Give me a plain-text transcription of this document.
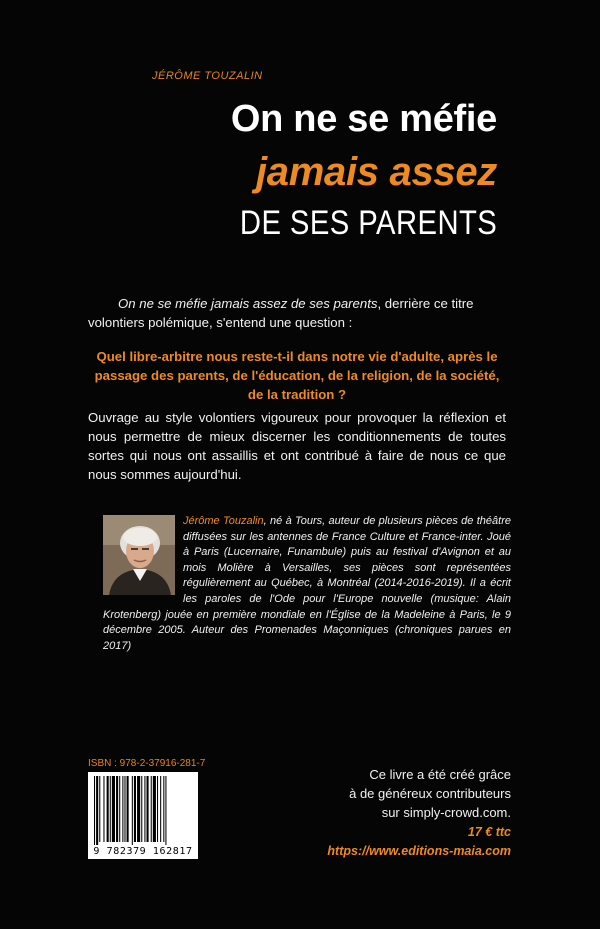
JÉRÔME TOUZALIN
On ne se méfie
jamais assez
DE SES PARENTS
On ne se méfie jamais assez de ses parents, derrière ce titre volontiers polémique, s'entend une question :
Quel libre-arbitre nous reste-t-il dans notre vie d'adulte, après le passage des parents, de l'éducation, de la religion, de la société, de la tradition ?
Ouvrage au style volontiers vigoureux pour provoquer la réflexion et nous permettre de mieux discerner les conditionnements de toutes sortes qui nous ont assaillis et ont contribué à faire de nous ce que nous sommes aujourd'hui.
Jérôme Touzalin, né à Tours, auteur de plusieurs pièces de théâtre diffusées sur les antennes de France Culture et France-inter. Joué à Paris (Lucernaire, Funambule) puis au festival d'Avignon et au mois Molière à Versailles, ses pièces sont représentées régulièrement au Québec, à Montréal (2014-2016-2019). Il a écrit les paroles de l'Ode pour l'Europe nouvelle (musique: Alain Krotenberg) jouée en première mondiale en l'Église de la Madeleine à Paris, le 9 décembre 2005. Auteur des Promenades Maçonniques (chroniques parues en 2017)
ISBN : 978-2-37916-281-7
9 782379 162817
Ce livre a été créé grâce
à de généreux contributeurs
sur simply-crowd.com.
17 € ttc
https://www.editions-maia.com
